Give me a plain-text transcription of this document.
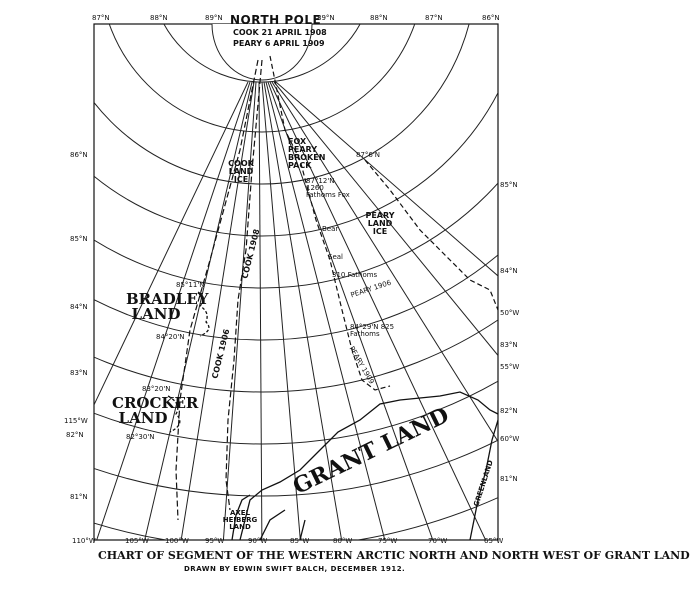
NORTH POLE
COOK 21 APRIL 1908
PEARY 6 APRIL 1909
87°N	88°N	89°N	89°N	88°N	87°N	86°N
86°N
85°N
84°N
83°N
115°W
82°N
81°N
85°N
84°N
50°W
83°N
55°W
82°N
60°W
81°N
65°W
110°W	105°W 100°W 95°W	90°W	85°W	80°W	75°W	70°W
COOK LAND ICE
FOX PEARY BROKEN PACK
87°12'N 1260 Fathoms Fox
87°6'N
PEARY LAND ICE
Bear
Seal
310 Fathoms
PEARY 1906
84°29'N 825 Fathoms
PEARY 1909
COOK 1908
COOK 1906
BRADLEY LAND
85°11'N
84°20'N
CROCKER LAND
83°20'N
82°30'N	GRANT LAND	GREENLAND
AXEL HEIBERG LAND
CHART OF SEGMENT OF THE WESTERN ARCTIC NORTH AND NORTH WEST OF GRANT LAND
DRAWN BY EDWIN SWIFT BALCH, DECEMBER 1912.
